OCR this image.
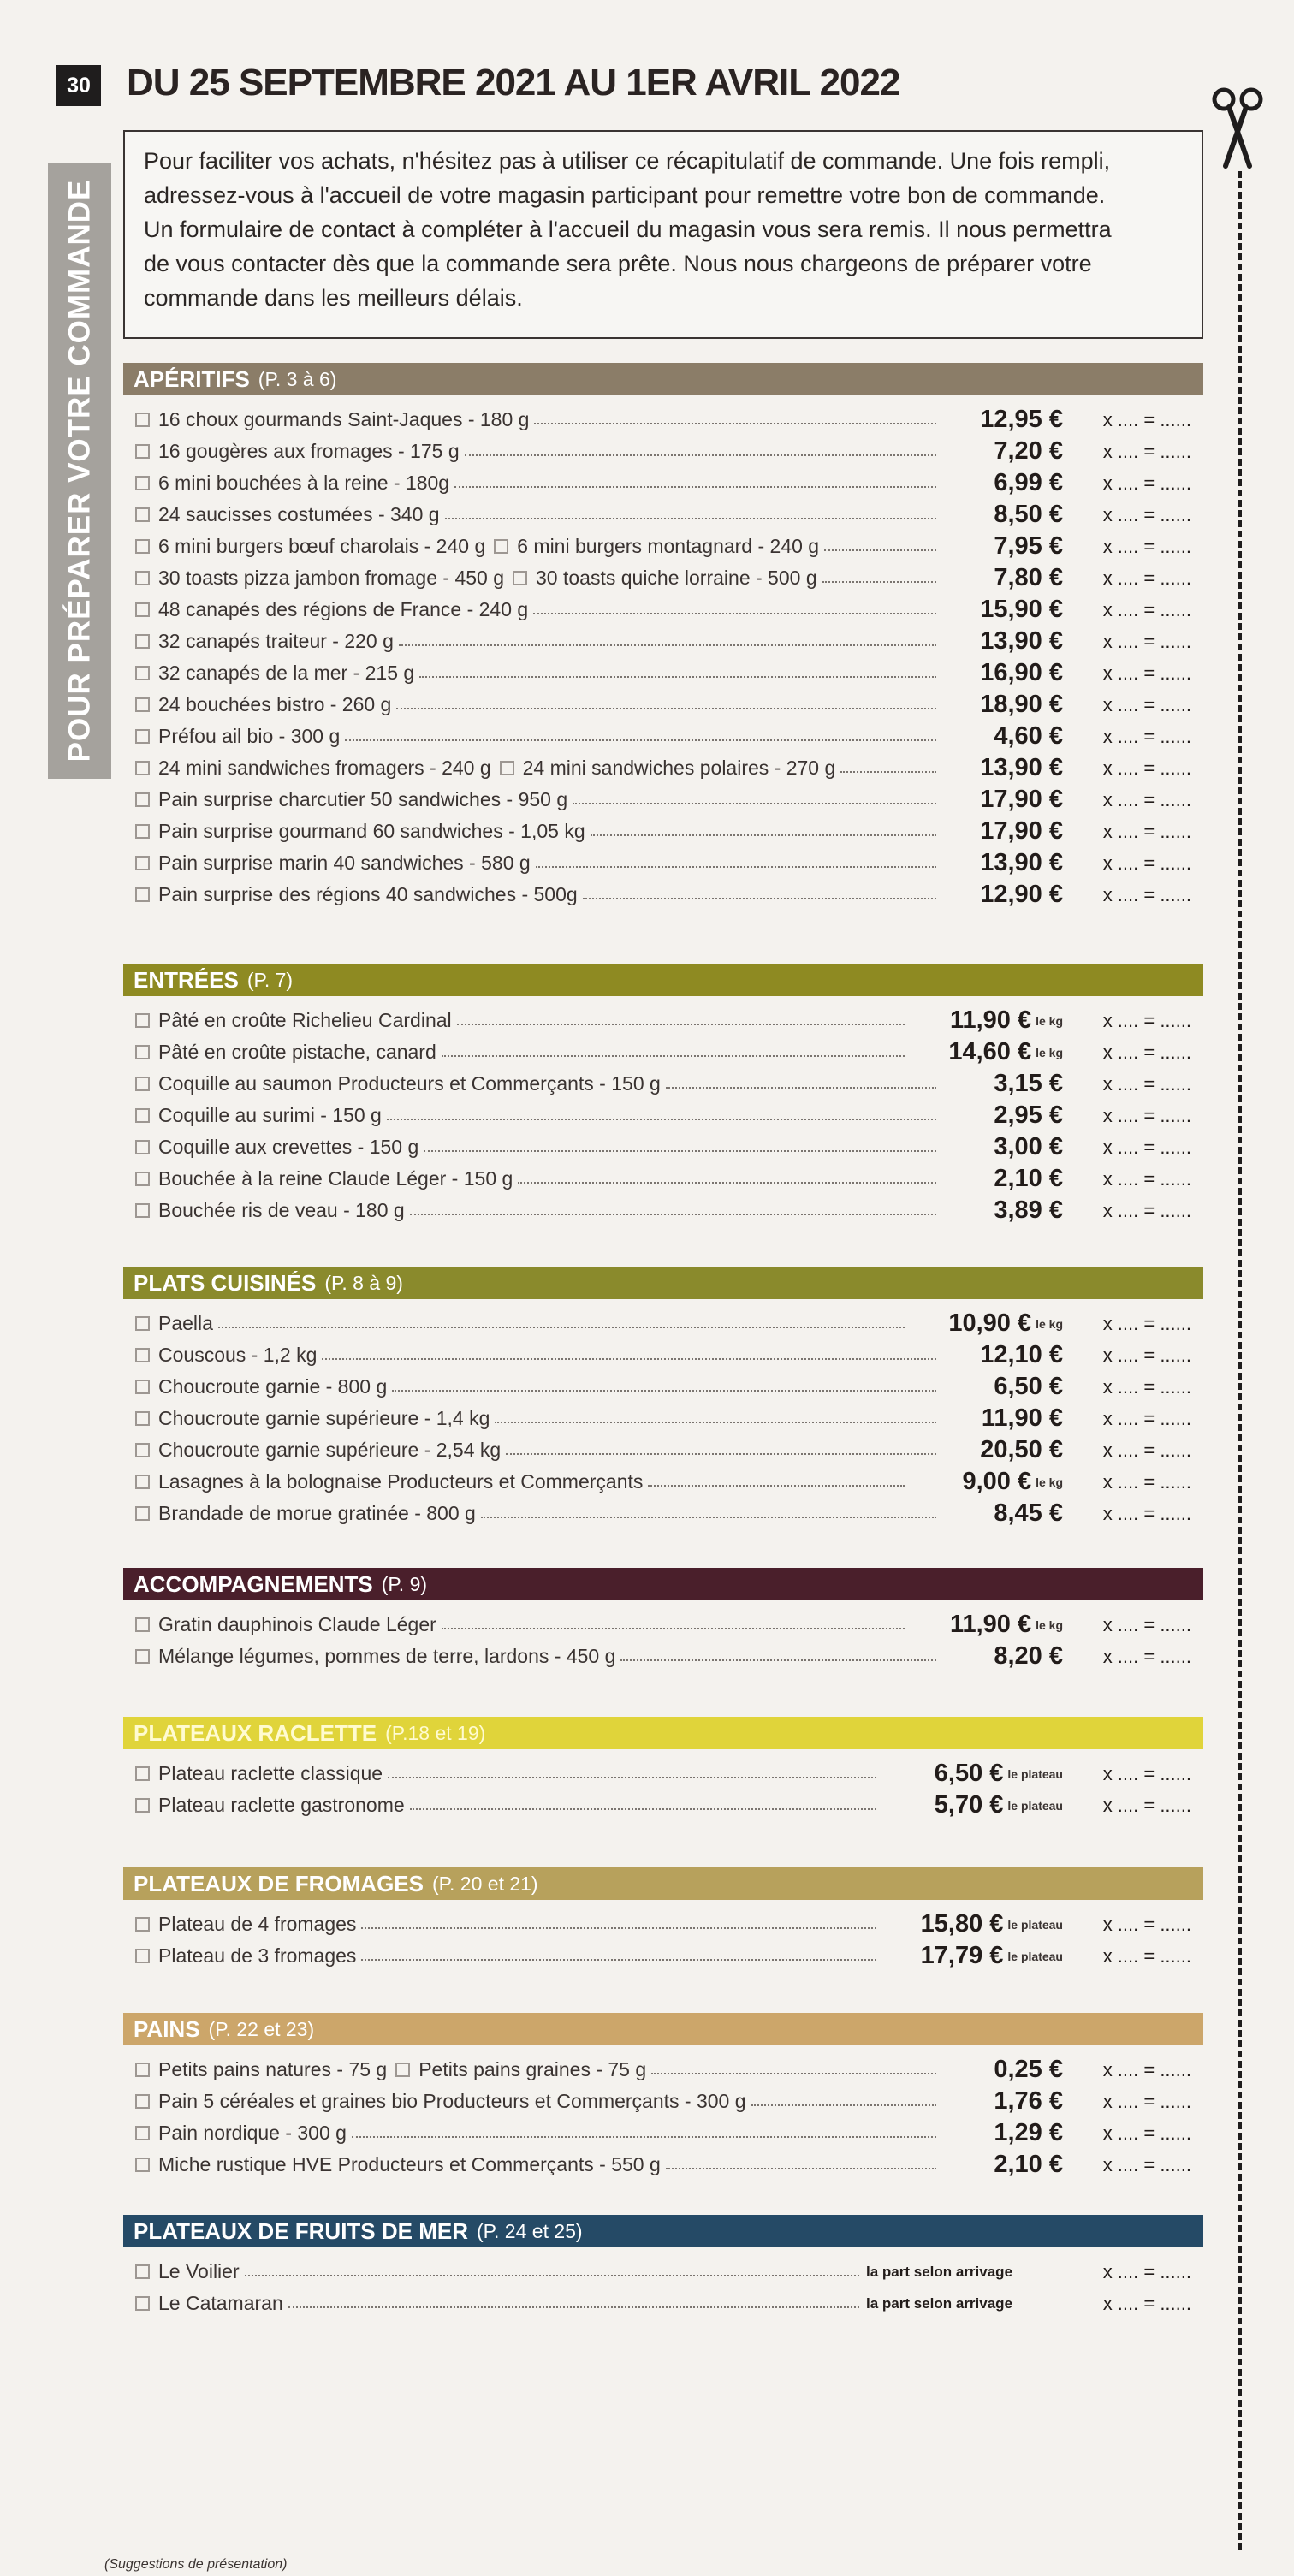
30 DU 25 SEPTEMBRE 2021 AU 1ER AVRIL 2022
POUR PRÉPARER VOTRE COMMANDE
Pour faciliter vos achats, n'hésitez pas à utiliser ce récapitulatif de commande. Une fois rempli,
adressez-vous à l'accueil de votre magasin participant pour remettre votre bon de commande.
Un formulaire de contact à compléter à l'accueil du magasin vous sera remis. Il nous permettra
de vous contacter dès que la commande sera prête. Nous nous chargeons de préparer votre
commande dans les meilleurs délais.
APÉRITIFS (P. 3 à 6)
16 choux gourmands Saint-Jaques - 180 g	12,95 €	x .... = ......
16 gougères aux fromages - 175 g	7,20 €	x .... = ......
6 mini bouchées à la reine - 180g	6,99 €	x .... = ......
24 saucisses costumées - 340 g	8,50 €	x .... = ......
6 mini burgers bœuf charolais - 240 g 6 mini burgers montagnard - 240 g	7,95 €	x .... = ......
30 toasts pizza jambon fromage - 450 g 30 toasts quiche lorraine - 500 g	7,80 €	x .... = ......
48 canapés des régions de France - 240 g	15,90 €	x .... = ......
32 canapés traiteur - 220 g	13,90 €	x .... = ......
32 canapés de la mer - 215 g	16,90 €	x .... = ......
24 bouchées bistro - 260 g	18,90 €	x .... = ......
Préfou ail bio - 300 g	4,60 €	x .... = ......
24 mini sandwiches fromagers - 240 g 24 mini sandwiches polaires - 270 g	13,90 €	x .... = ......
Pain surprise charcutier 50 sandwiches - 950 g	17,90 €	x .... = ......
Pain surprise gourmand 60 sandwiches - 1,05 kg	17,90 €	x .... = ......
Pain surprise marin 40 sandwiches - 580 g	13,90 €	x .... = ......
Pain surprise des régions 40 sandwiches - 500g	12,90 €	x .... = ......
ENTRÉES (P. 7)
Pâté en croûte Richelieu Cardinal	11,90 € le kg	x .... = ......
Pâté en croûte pistache, canard	14,60 € le kg	x .... = ......
Coquille au saumon Producteurs et Commerçants - 150 g	3,15 €	x .... = ......
Coquille au surimi - 150 g	2,95 €	x .... = ......
Coquille aux crevettes - 150 g	3,00 €	x .... = ......
Bouchée à la reine Claude Léger - 150 g	2,10 €	x .... = ......
Bouchée ris de veau - 180 g	3,89 €	x .... = ......
PLATS CUISINÉS (P. 8 à 9)
Paella	10,90 € le kg	x .... = ......
Couscous - 1,2 kg	12,10 €	x .... = ......
Choucroute garnie - 800 g	6,50 €	x .... = ......
Choucroute garnie supérieure - 1,4 kg	11,90 €	x .... = ......
Choucroute garnie supérieure - 2,54 kg	20,50 €	x .... = ......
Lasagnes à la bolognaise Producteurs et Commerçants	9,00 € le kg	x .... = ......
Brandade de morue gratinée - 800 g	8,45 €	x .... = ......
ACCOMPAGNEMENTS (P. 9)
Gratin dauphinois Claude Léger	11,90 € le kg	x .... = ......
Mélange légumes, pommes de terre, lardons - 450 g	8,20 €	x .... = ......
PLATEAUX RACLETTE (P.18 et 19)
Plateau raclette classique	6,50 € le plateau	x .... = ......
Plateau raclette gastronome	5,70 € le plateau	x .... = ......
PLATEAUX DE FROMAGES (P. 20 et 21)
Plateau de 4 fromages	15,80 € le plateau	x .... = ......
Plateau de 3 fromages	17,79 € le plateau	x .... = ......
PAINS (P. 22 et 23)
Petits pains natures - 75 g Petits pains graines - 75 g	0,25 €	x .... = ......
Pain 5 céréales et graines bio Producteurs et Commerçants - 300 g	1,76 €	x .... = ......
Pain nordique - 300 g	1,29 €	x .... = ......
Miche rustique HVE Producteurs et Commerçants - 550 g	2,10 €	x .... = ......
PLATEAUX DE FRUITS DE MER (P. 24 et 25)
Le Voilier	la part selon arrivage	x .... = ......
Le Catamaran	la part selon arrivage	x .... = ......
(Suggestions de présentation)
